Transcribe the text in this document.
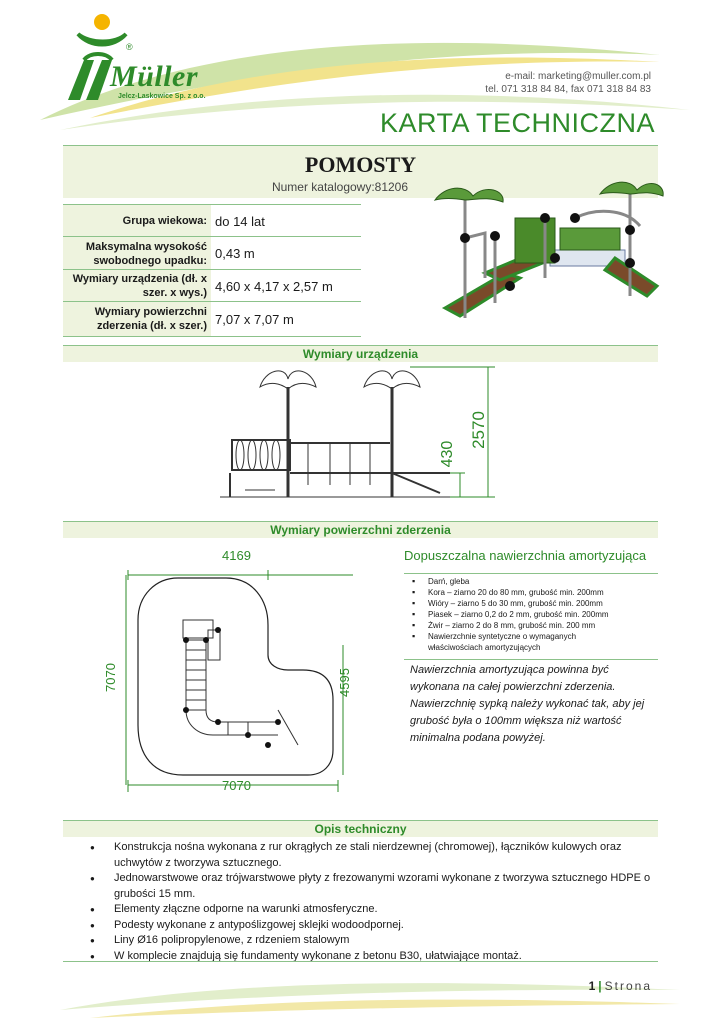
®
Müller
Jelcz-Laskowice Sp. z o.o.
e-mail: marketing@muller.com.pl
tel. 071 318 84 84, fax 071 318 84 83
KARTA TECHNICZNA
POMOSTY
Numer katalogowy:81206
Grupa wiekowa: do 14 lat
Maksymalna wysokość swobodnego upadku: 0,43 m
Wymiary urządzenia (dł. x szer. x wys.) 4,60 x 4,17 x 2,57 m
Wymiary powierzchni zderzenia (dł. x szer.) 7,07 x 7,07 m
Wymiary urządzenia
430
2570
Wymiary powierzchni zderzenia
4169
7070
7070	4595
Dopuszczalna nawierzchnia amortyzująca
▪ Darń, gleba
▪ Kora – ziarno 20 do 80 mm, grubość min. 200mm
▪ Wióry – ziarno 5 do 30 mm, grubość min. 200mm
▪ Piasek – ziarno 0,2 do 2 mm, grubość min. 200mm
▪ Żwir – ziarno 2 do 8 mm, grubość min. 200 mm
▪ Nawierzchnie syntetyczne o wymaganych właściwościach amortyzujących
Nawierzchnia amortyzująca powinna być wykonana na całej powierzchni zderzenia. Nawierzchnię sypką należy wykonać tak, aby jej grubość była o 100mm większa niż wartość minimalna podana powyżej.
Opis techniczny
● Konstrukcja nośna wykonana z rur okrągłych ze stali nierdzewnej (chromowej), łączników kulowych oraz uchwytów z tworzywa sztucznego.
● Jednowarstwowe oraz trójwarstwowe płyty z frezowanymi wzorami wykonane z tworzywa sztucznego HDPE o grubości 15 mm.
● Elementy złączne odporne na warunki atmosferyczne.
● Podesty wykonane z antypoślizgowej sklejki wodoodpornej.
● Liny Ø16 polipropylenowe, z rdzeniem stalowym
● W komplecie znajdują się fundamenty wykonane z betonu B30, ułatwiające montaż.
1 | Strona
